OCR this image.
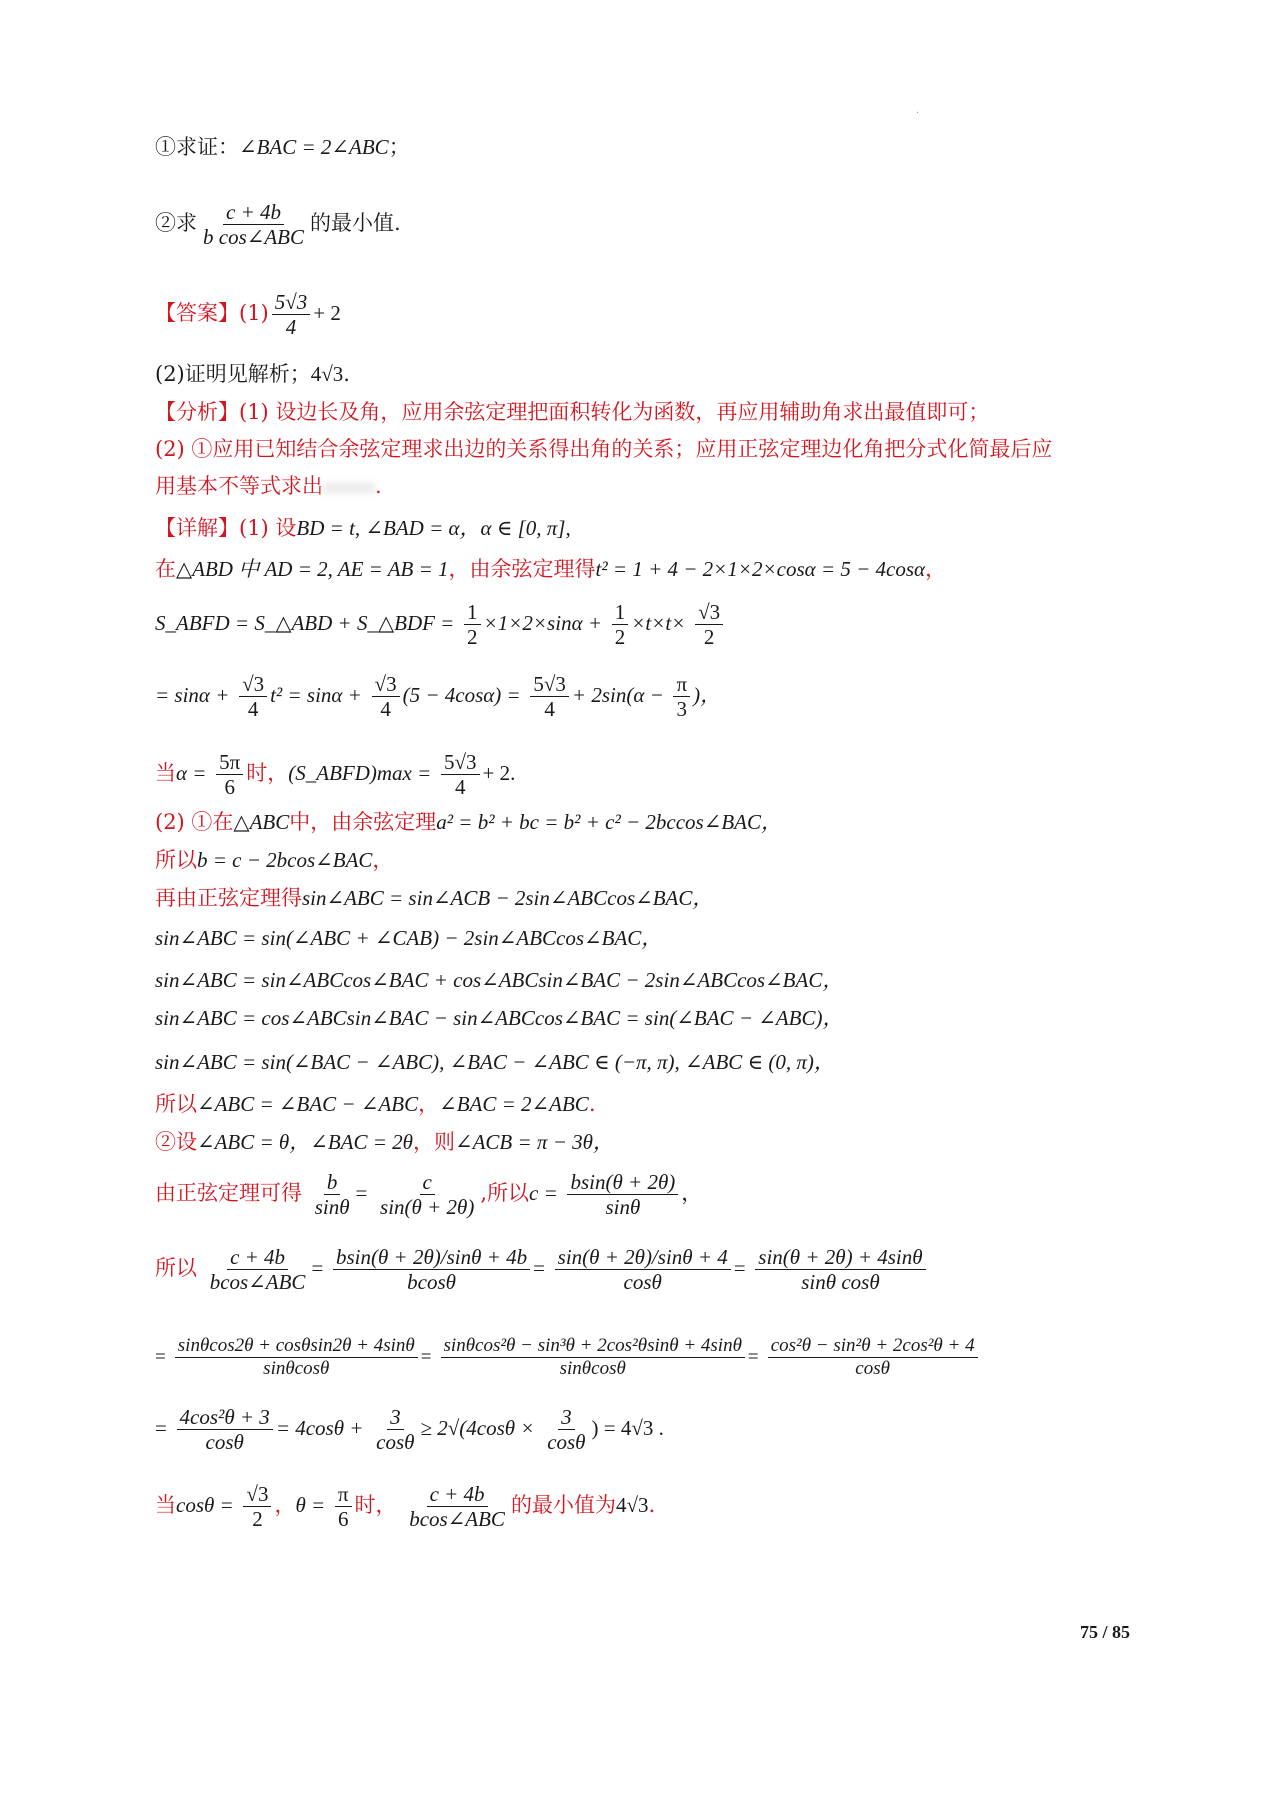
·
①求证：∠BAC = 2∠ABC；
②求 $\frac{c + 4b}{\text{b cos∠ABC}}$ 的最小值.
【答案】$(1) \frac{5√3}{4} + 2$
(2)证明见解析；4√3.
【分析】(1) 设边长及角，应用余弦定理把面积转化为函数，再应用辅助角求出最值即可；
(2) ①应用已知结合余弦定理求出边的关系得出角的关系；应用正弦定理边化角把分式化简最后应
用基本不等式求出 .
【详解】(1) 设BD = t, ∠BAD = α，α ∈ [0, π],
在△ABD 中 AD = 2, AE = AB = 1，由余弦定理得t² = 1 + 4 − 2×1×2×cosα = 5 − 4cosα，
S_ABFD = S_△ABD + S_△BDF = $\frac{1}{2} \times 1\times 2\times\sin\alpha + \frac{1}{2} \times t\times t\times \frac{√3}{2}$
= $\sin\alpha + \frac{√3}{4} t^2 = \sin\alpha + \frac{√3}{4} (5 - 4\cos\alpha) = \frac{5√3}{4} + 2\sin(\alpha - \frac{\pi}{3}$ )，
当$\alpha = \frac{5\pi}{6}$ 时，(S_ABFD)max = $\frac{5√3}{4} + 2$.
(2) ①在△ABC中，由余弦定理a² = b² + bc = b² + c² − 2bccos∠BAC，
所以b = c − 2bcos∠BAC，
再由正弦定理得sin∠ABC = sin∠ACB − 2sin∠ABCcos∠BAC，
sin∠ABC = sin(∠ABC + ∠CAB) − 2sin∠ABCcos∠BAC，
sin∠ABC = sin∠ABCcos∠BAC + cos∠ABCsin∠BAC − 2sin∠ABCcos∠BAC，
sin∠ABC = cos∠ABCsin∠BAC − sin∠ABCcos∠BAC = sin(∠BAC − ∠ABC)，
sin∠ABC = sin(∠BAC − ∠ABC), ∠BAC − ∠ABC ∈ (−π, π), ∠ABC ∈ (0, π)，
所以∠ABC = ∠BAC − ∠ABC，∠BAC = 2∠ABC.
②设∠ABC = θ，∠BAC = 2θ，则∠ACB = π − 3θ，
由正弦定理可得 $\frac{b}{\sin\theta} = \frac{c}{\sin(\theta + 2\theta)}$ ,所以$c = \frac{bsin(\theta + 2\theta)}{\sin\theta}$ ，
所以 $\frac{c + 4b}{\text{bcos∠ABC}} = \frac{bsin(\theta + 2\theta)/\sin\theta + 4b}{bcos\theta} = \frac{\sin(\theta + 2\theta)/\sin\theta + 4}{\cos\theta} = \frac{\sin(\theta + 2\theta) + 4\sin\theta}{\text{sinθ cosθ}}$
= $\frac{\sin\theta\cos 2\theta + \cos\theta\sin 2\theta + 4\sin\theta}{\sin\theta\cos\theta} = \frac{\text{sinθcos²θ − sin³θ + 2cos²θsinθ + 4sinθ}}{\sin\theta\cos\theta} = \frac{\text{cos²θ − sin²θ + 2cos²θ + 4}}{\cos\theta}$
= $\frac{\text{4cos²θ + 3}}{\cos\theta} = 4\cos\theta + \frac{3}{\cos\theta} \ge 2√(4\cos\theta \times \frac{3}{\cos\theta}$ ) = 4√3 .
当$\cos\theta = \frac{√3}{2}$ ，$\theta = \frac{\pi}{6}$ 时， $\frac{c + 4b}{\text{bcos∠ABC}}$ 的最小值为4√3.
75 / 85
